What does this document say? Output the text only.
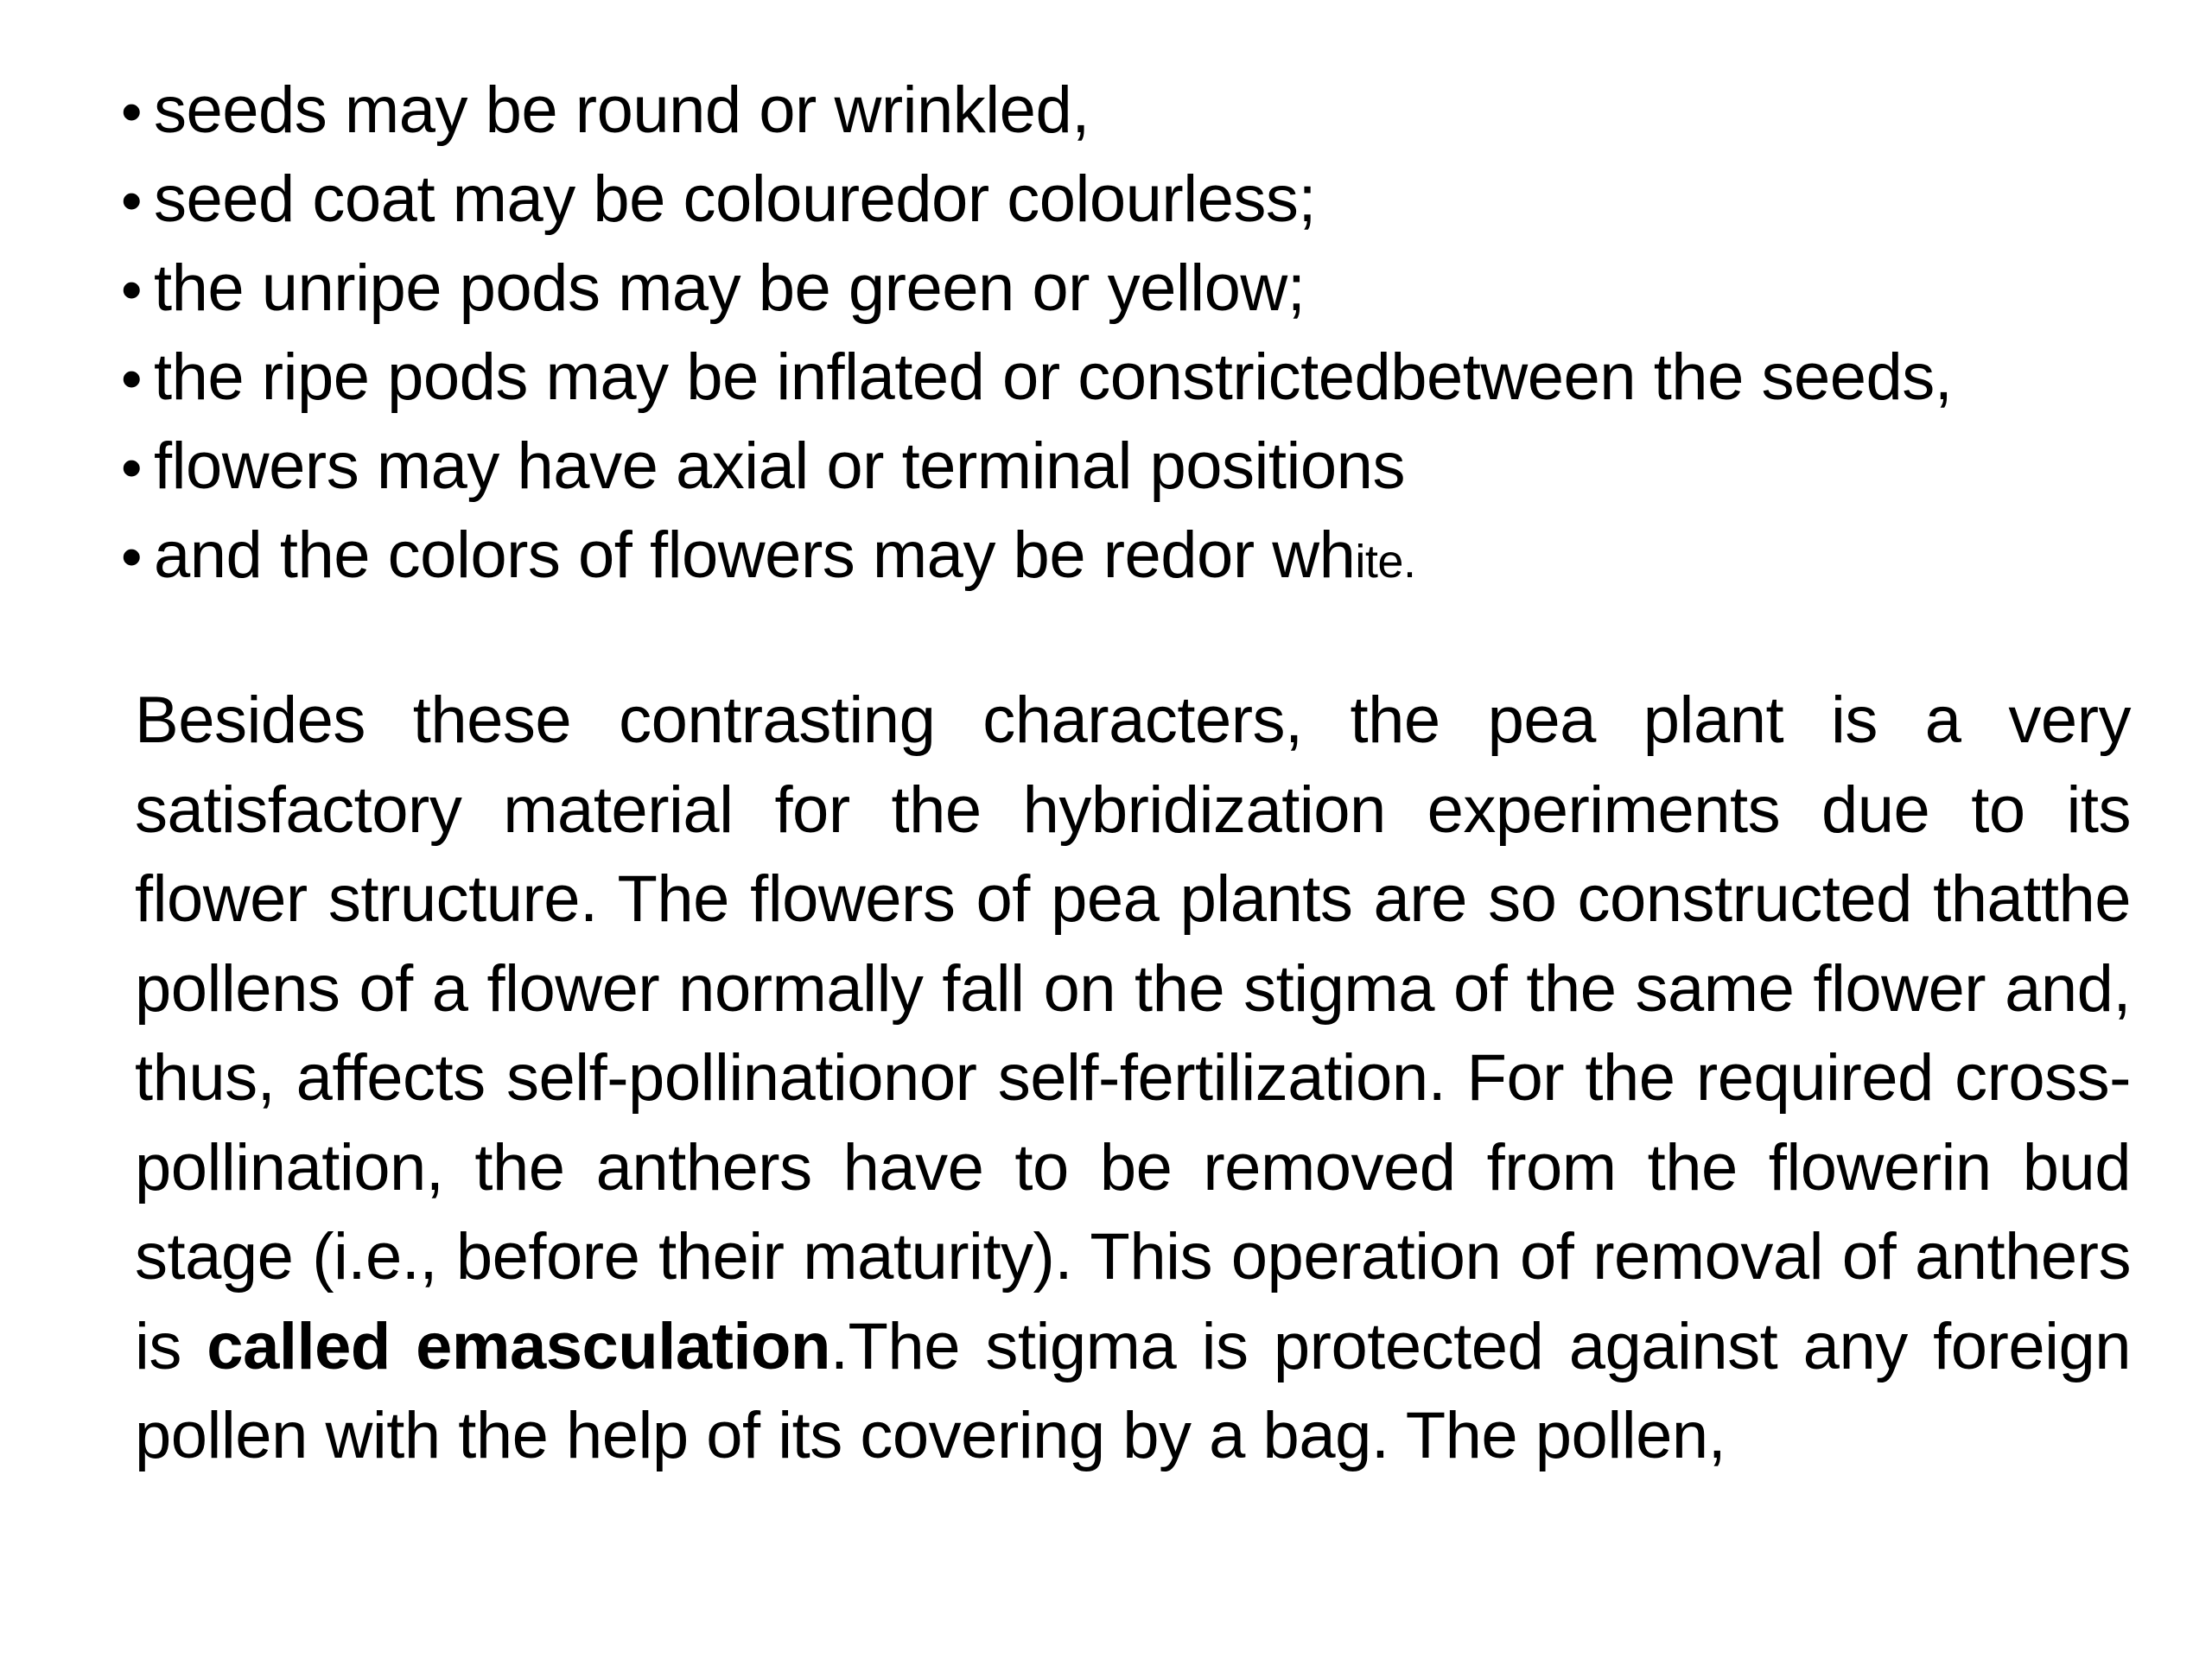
• seeds may be round or wrinkled,
• seed coat may be colouredor colourless;
• the unripe pods may be green or yellow;
• the ripe pods may be inflated or constrictedbetween the seeds,
• flowers may have axial or terminal positions
• and the colors of flowers may be redor white.

Besides these contrasting characters, the pea plant is a very satisfactory material for the hybridization experiments due to its flower structure. The flowers of pea plants are so constructed thatthe pollens of a flower normally fall on the stigma of the same flower and, thus, affects self-pollinationor self-fertilization. For the required cross-pollination, the anthers have to be removed from the flowerin bud stage (i.e., before their maturity). This operation of removal of anthers is called emasculation.The stigma is protected against any foreign pollen with the help of its covering by a bag. The pollen,
